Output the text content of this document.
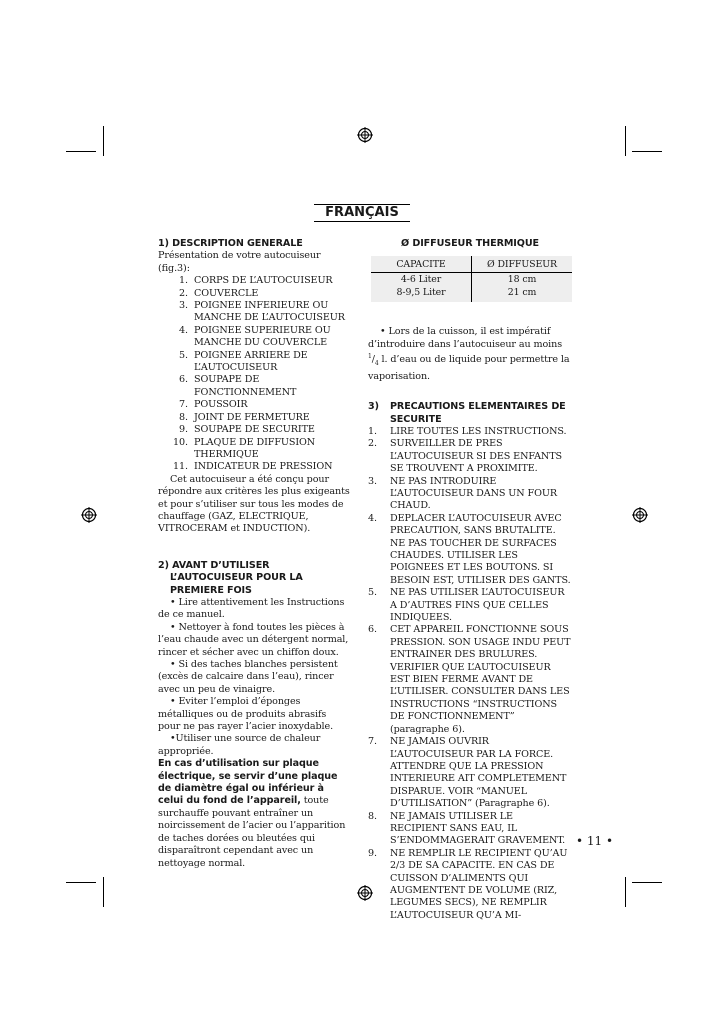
FRANÇAIS
1) DESCRIPTION GENERALE
Présentation de votre autocuiseur (fig.3):
1. CORPS DE L’AUTOCUISEUR
2. COUVERCLE
3. POIGNEE INFERIEURE OU MANCHE DE L’AUTOCUISEUR
4. POIGNEE SUPERIEURE OU MANCHE DU COUVERCLE
5. POIGNEE ARRIERE DE L’AUTOCUISEUR
6. SOUPAPE DE FONCTIONNEMENT
7. POUSSOIR
8. JOINT DE FERMETURE
9. SOUPAPE DE SECURITE
10. PLAQUE DE DIFFUSION THERMIQUE
11. INDICATEUR DE PRESSION
Cet autocuiseur a été conçu pour répondre aux critères les plus exigeants et pour s’utiliser sur tous les modes de chauffage (GAZ, ELECTRIQUE, VITROCERAM et INDUCTION).
2) AVANT D’UTILISER L’AUTOCUISEUR POUR LA PREMIERE FOIS
• Lire attentivement les Instructions de ce manuel.
• Nettoyer à fond toutes les pièces à l’eau chaude avec un détergent normal, rincer et sécher avec un chiffon doux.
• Si des taches blanches persistent (excès de calcaire dans l’eau), rincer avec un peu de vinaigre.
• Eviter l’emploi d’éponges métalliques ou de produits abrasifs pour ne pas rayer l’acier inoxydable.
•Utiliser une source de chaleur appropriée.
En cas d’utilisation sur plaque électrique, se servir d’une plaque de diamètre égal ou inférieur à celui du fond de l’appareil, toute surchauffe pouvant entraîner un noircissement de l’acier ou l’apparition de taches dorées ou bleutées qui disparaîtront cependant avec un nettoyage normal.
Ø DIFFUSEUR THERMIQUE
CAPACITE	Ø DIFFUSEUR
4-6 Liter	18 cm
8-9,5 Liter	21 cm
• Lors de la cuisson, il est impératif d’introduire dans l’autocuiseur au moins $^1/_4$ l. d’eau ou de liquide pour permettre la vaporisation.
3)	PRECAUTIONS ELEMENTAIRES DE SECURITE
1.	LIRE TOUTES LES INSTRUCTIONS.
2.	SURVEILLER DE PRES L’AUTOCUISEUR SI DES ENFANTS SE TROUVENT A PROXIMITE.
3.	NE PAS INTRODUIRE L’AUTOCUISEUR DANS UN FOUR CHAUD.
4.	DEPLACER L’AUTOCUISEUR AVEC PRECAUTION, SANS BRUTALITE. NE PAS TOUCHER DE SURFACES CHAUDES. UTILISER LES POIGNEES ET LES BOUTONS. SI BESOIN EST, UTILISER DES GANTS.
5.	NE PAS UTILISER L’AUTOCUISEUR A D’AUTRES FINS QUE CELLES INDIQUEES.
6.	CET APPAREIL FONCTIONNE SOUS PRESSION. SON USAGE INDU PEUT ENTRAINER DES BRULURES. VERIFIER QUE L’AUTOCUISEUR EST BIEN FERME AVANT DE L’UTILISER. CONSULTER DANS LES INSTRUCTIONS “INSTRUCTIONS DE FONCTIONNEMENT” (paragraphe 6).
7.	NE JAMAIS OUVRIR L’AUTOCUISEUR PAR LA FORCE. ATTENDRE QUE LA PRESSION INTERIEURE AIT COMPLETEMENT DISPARUE. VOIR “MANUEL D’UTILISATION” (Paragraphe 6).
8.	NE JAMAIS UTILISER LE RECIPIENT SANS EAU, IL S’ENDOMMAGERAIT GRAVEMENT.
9.	NE REMPLIR LE RECIPIENT QU’AU 2/3 DE SA CAPACITE. EN CAS DE CUISSON D’ALIMENTS QUI AUGMENTENT DE VOLUME (RIZ, LEGUMES SECS), NE REMPLIR L’AUTOCUISEUR QU’A MI-
• 11 •
